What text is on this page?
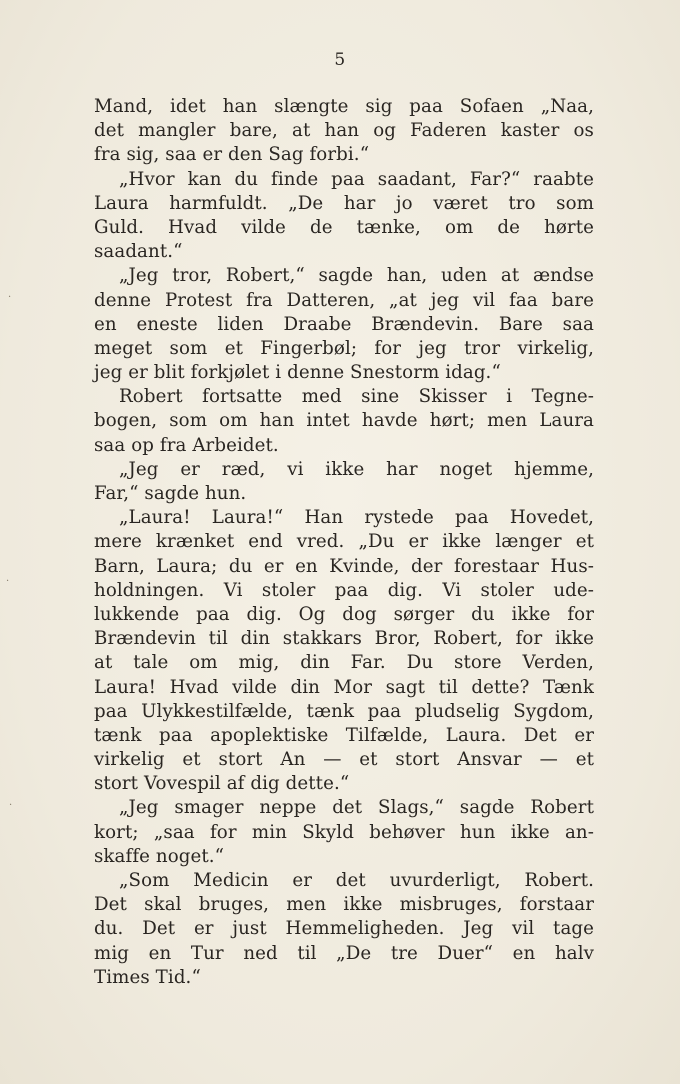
5
Mand, idet han slængte sig paa Sofaen „Naa,
det mangler bare, at han og Faderen kaster os
fra sig, saa er den Sag forbi.“
„Hvor kan du finde paa saadant, Far?“ raabte
Laura harmfuldt. „De har jo været tro som
Guld. Hvad vilde de tænke, om de hørte
saadant.“
„Jeg tror, Robert,“ sagde han, uden at ændse
denne Protest fra Datteren, „at jeg vil faa bare
en eneste liden Draabe Brændevin. Bare saa
meget som et Fingerbøl; for jeg tror virkelig,
jeg er blit forkjølet i denne Snestorm idag.“
Robert fortsatte med sine Skisser i Tegne-
bogen, som om han intet havde hørt; men Laura
saa op fra Arbeidet.
„Jeg er ræd, vi ikke har noget hjemme,
Far,“ sagde hun.
„Laura! Laura!“ Han rystede paa Hovedet,
mere krænket end vred. „Du er ikke længer et
Barn, Laura; du er en Kvinde, der forestaar Hus-
holdningen. Vi stoler paa dig. Vi stoler ude-
lukkende paa dig. Og dog sørger du ikke for
Brændevin til din stakkars Bror, Robert, for ikke
at tale om mig, din Far. Du store Verden,
Laura! Hvad vilde din Mor sagt til dette? Tænk
paa Ulykkestilfælde, tænk paa pludselig Sygdom,
tænk paa apoplektiske Tilfælde, Laura. Det er
virkelig et stort An — et stort Ansvar — et
stort Vovespil af dig dette.“
„Jeg smager neppe det Slags,“ sagde Robert
kort; „saa for min Skyld behøver hun ikke an-
skaffe noget.“
„Som Medicin er det uvurderligt, Robert.
Det skal bruges, men ikke misbruges, forstaar
du. Det er just Hemmeligheden. Jeg vil tage
mig en Tur ned til „De tre Duer“ en halv
Times Tid.“
·
·
·
